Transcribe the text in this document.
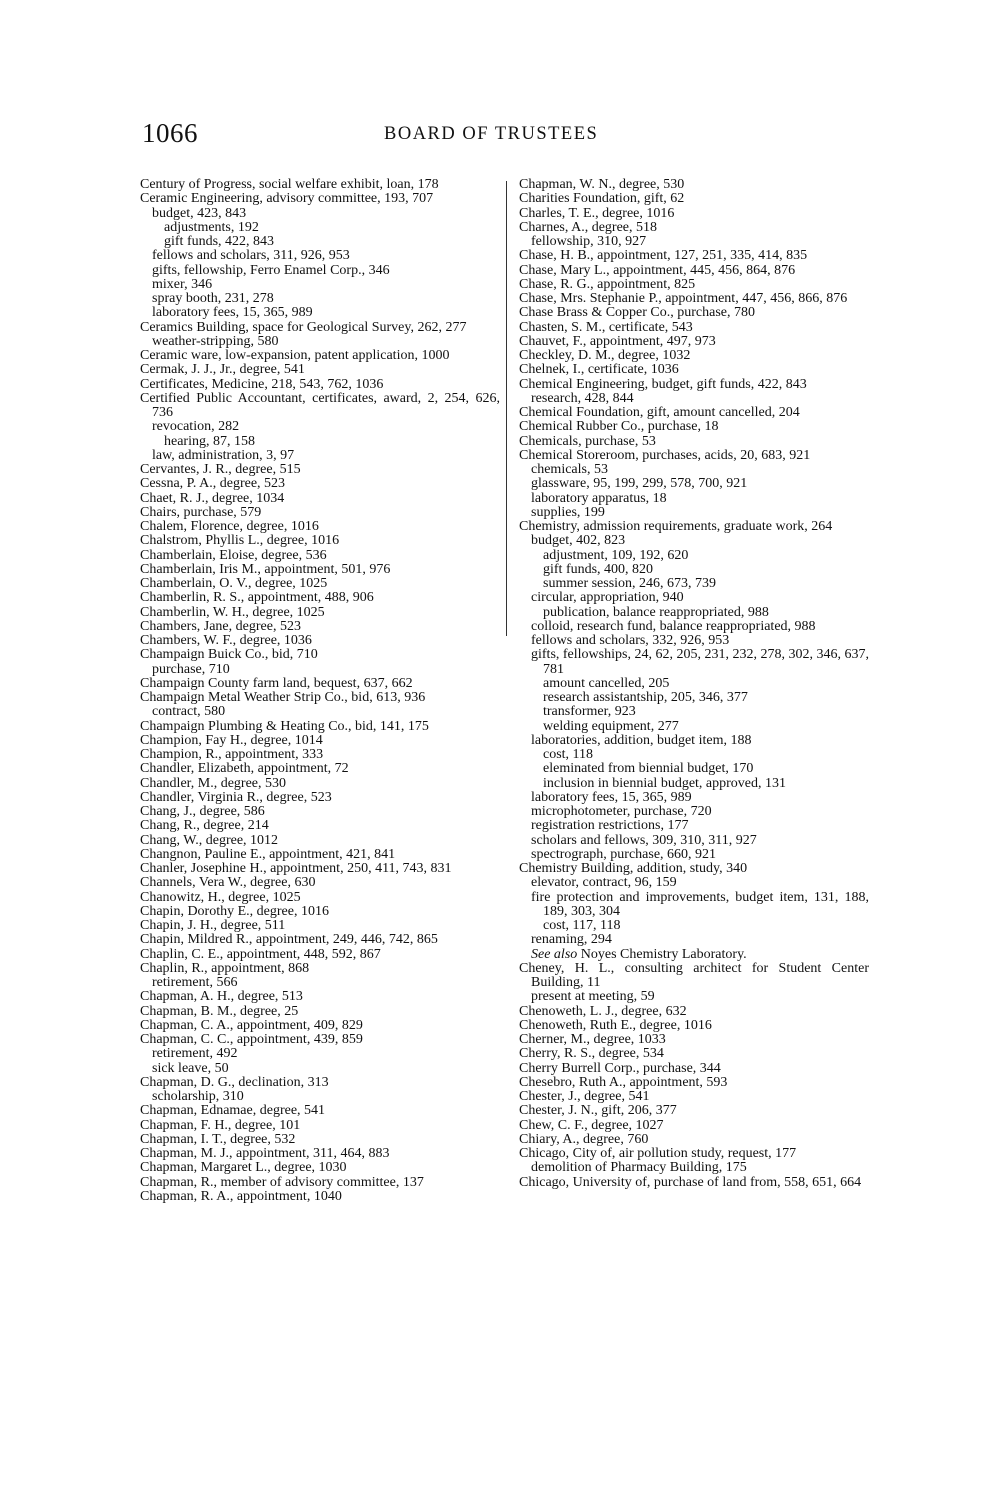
1066	BOARD OF TRUSTEES
Century of Progress, social welfare exhibit, loan, 178
Ceramic Engineering, advisory committee, 193, 707
budget, 423, 843
adjustments, 192
gift funds, 422, 843
fellows and scholars, 311, 926, 953
gifts, fellowship, Ferro Enamel Corp., 346
mixer, 346
spray booth, 231, 278
laboratory fees, 15, 365, 989
Ceramics Building, space for Geological Survey, 262, 277
weather-stripping, 580
Ceramic ware, low-expansion, patent application, 1000
Cermak, J. J., Jr., degree, 541
Certificates, Medicine, 218, 543, 762, 1036
Certified Public Accountant, certificates, award, 2, 254, 626, 736
revocation, 282
hearing, 87, 158
law, administration, 3, 97
Cervantes, J. R., degree, 515
Cessna, P. A., degree, 523
Chaet, R. J., degree, 1034
Chairs, purchase, 579
Chalem, Florence, degree, 1016
Chalstrom, Phyllis L., degree, 1016
Chamberlain, Eloise, degree, 536
Chamberlain, Iris M., appointment, 501, 976
Chamberlain, O. V., degree, 1025
Chamberlin, R. S., appointment, 488, 906
Chamberlin, W. H., degree, 1025
Chambers, Jane, degree, 523
Chambers, W. F., degree, 1036
Champaign Buick Co., bid, 710
purchase, 710
Champaign County farm land, bequest, 637, 662
Champaign Metal Weather Strip Co., bid, 613, 936
contract, 580
Champaign Plumbing & Heating Co., bid, 141, 175
Champion, Fay H., degree, 1014
Champion, R., appointment, 333
Chandler, Elizabeth, appointment, 72
Chandler, M., degree, 530
Chandler, Virginia R., degree, 523
Chang, J., degree, 586
Chang, R., degree, 214
Chang, W., degree, 1012
Changnon, Pauline E., appointment, 421, 841
Chanler, Josephine H., appointment, 250, 411, 743, 831
Channels, Vera W., degree, 630
Chanowitz, H., degree, 1025
Chapin, Dorothy E., degree, 1016
Chapin, J. H., degree, 511
Chapin, Mildred R., appointment, 249, 446, 742, 865
Chaplin, C. E., appointment, 448, 592, 867
Chaplin, R., appointment, 868
retirement, 566
Chapman, A. H., degree, 513
Chapman, B. M., degree, 25
Chapman, C. A., appointment, 409, 829
Chapman, C. C., appointment, 439, 859
retirement, 492
sick leave, 50
Chapman, D. G., declination, 313
scholarship, 310
Chapman, Ednamae, degree, 541
Chapman, F. H., degree, 101
Chapman, I. T., degree, 532
Chapman, M. J., appointment, 311, 464, 883
Chapman, Margaret L., degree, 1030
Chapman, R., member of advisory committee, 137
Chapman, R. A., appointment, 1040
Chapman, W. N., degree, 530
Charities Foundation, gift, 62
Charles, T. E., degree, 1016
Charnes, A., degree, 518
fellowship, 310, 927
Chase, H. B., appointment, 127, 251, 335, 414, 835
Chase, Mary L., appointment, 445, 456, 864, 876
Chase, R. G., appointment, 825
Chase, Mrs. Stephanie P., appointment, 447, 456, 866, 876
Chase Brass & Copper Co., purchase, 780
Chasten, S. M., certificate, 543
Chauvet, F., appointment, 497, 973
Checkley, D. M., degree, 1032
Chelnek, I., certificate, 1036
Chemical Engineering, budget, gift funds, 422, 843
research, 428, 844
Chemical Foundation, gift, amount cancelled, 204
Chemical Rubber Co., purchase, 18
Chemicals, purchase, 53
Chemical Storeroom, purchases, acids, 20, 683, 921
chemicals, 53
glassware, 95, 199, 299, 578, 700, 921
laboratory apparatus, 18
supplies, 199
Chemistry, admission requirements, graduate work, 264
budget, 402, 823
adjustment, 109, 192, 620
gift funds, 400, 820
summer session, 246, 673, 739
circular, appropriation, 940
publication, balance reappropriated, 988
colloid, research fund, balance reappropriated, 988
fellows and scholars, 332, 926, 953
gifts, fellowships, 24, 62, 205, 231, 232, 278, 302, 346, 637, 781
amount cancelled, 205
research assistantship, 205, 346, 377
transformer, 923
welding equipment, 277
laboratories, addition, budget item, 188
cost, 118
eleminated from biennial budget, 170
inclusion in biennial budget, approved, 131
laboratory fees, 15, 365, 989
microphotometer, purchase, 720
registration restrictions, 177
scholars and fellows, 309, 310, 311, 927
spectrograph, purchase, 660, 921
Chemistry Building, addition, study, 340
elevator, contract, 96, 159
fire protection and improvements, budget item, 131, 188, 189, 303, 304
cost, 117, 118
renaming, 294
See also Noyes Chemistry Laboratory.
Cheney, H. L., consulting architect for Student Center Building, 11
present at meeting, 59
Chenoweth, L. J., degree, 632
Chenoweth, Ruth E., degree, 1016
Cherner, M., degree, 1033
Cherry, R. S., degree, 534
Cherry Burrell Corp., purchase, 344
Chesebro, Ruth A., appointment, 593
Chester, J., degree, 541
Chester, J. N., gift, 206, 377
Chew, C. F., degree, 1027
Chiary, A., degree, 760
Chicago, City of, air pollution study, request, 177
demolition of Pharmacy Building, 175
Chicago, University of, purchase of land from, 558, 651, 664
